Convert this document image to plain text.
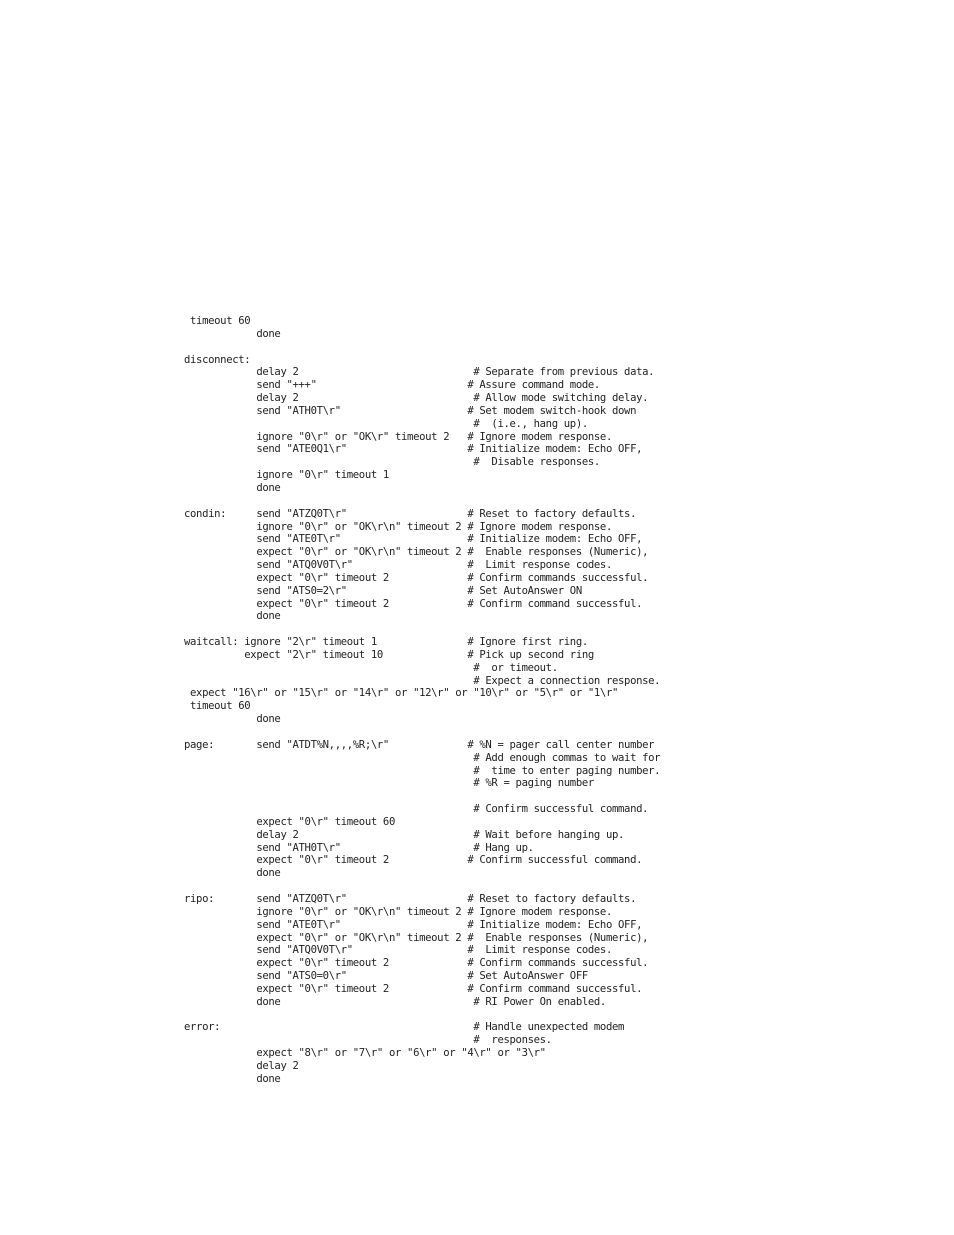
timeout 60
done
disconnect:
delay 2                             # Separate from previous data.
send "+++"                         # Assure command mode.
delay 2                             # Allow mode switching delay.
send "ATH0T\r"                     # Set modem switch-hook down
#  (i.e., hang up).
ignore "0\r" or "OK\r" timeout 2   # Ignore modem response.
send "ATE0Q1\r"                    # Initialize modem: Echo OFF,
#  Disable responses.
ignore "0\r" timeout 1
done
condin:     send "ATZQ0T\r"                    # Reset to factory defaults.
ignore "0\r" or "OK\r\n" timeout 2 # Ignore modem response.
send "ATE0T\r"                     # Initialize modem: Echo OFF,
expect "0\r" or "OK\r\n" timeout 2 #  Enable responses (Numeric),
send "ATQ0V0T\r"                   #  Limit response codes.
expect "0\r" timeout 2             # Confirm commands successful.
send "ATS0=2\r"                    # Set AutoAnswer ON
expect "0\r" timeout 2             # Confirm command successful.
done
waitcall: ignore "2\r" timeout 1               # Ignore first ring.
expect "2\r" timeout 10              # Pick up second ring
#  or timeout.
# Expect a connection response.
expect "16\r" or "15\r" or "14\r" or "12\r" or "10\r" or "5\r" or "1\r"
timeout 60
done
page:       send "ATDT%N,,,,%R;\r"             # %N = pager call center number
# Add enough commas to wait for
#  time to enter paging number.
# %R = paging number
# Confirm successful command.
expect "0\r" timeout 60
delay 2                             # Wait before hanging up.
send "ATH0T\r"                      # Hang up.
expect "0\r" timeout 2             # Confirm successful command.
done
ripo:       send "ATZQ0T\r"                    # Reset to factory defaults.
ignore "0\r" or "OK\r\n" timeout 2 # Ignore modem response.
send "ATE0T\r"                     # Initialize modem: Echo OFF,
expect "0\r" or "OK\r\n" timeout 2 #  Enable responses (Numeric),
send "ATQ0V0T\r"                   #  Limit response codes.
expect "0\r" timeout 2             # Confirm commands successful.
send "ATS0=0\r"                    # Set AutoAnswer OFF
expect "0\r" timeout 2             # Confirm command successful.
done                                # RI Power On enabled.
error:                                          # Handle unexpected modem
#  responses.
expect "8\r" or "7\r" or "6\r" or "4\r" or "3\r"
delay 2
done
